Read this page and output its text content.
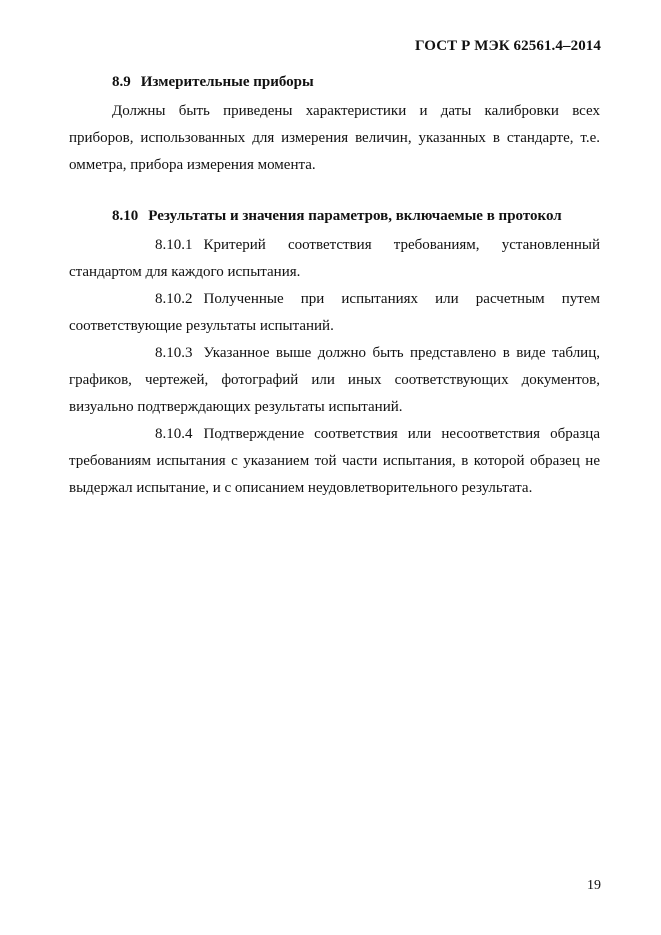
ГОСТ Р МЭК 62561.4–2014
8.9 Измерительные приборы
Должны быть приведены характеристики и даты калибровки всех приборов, использованных для измерения величин, указанных в стандарте, т.е. омметра, прибора измерения момента.
8.10 Результаты и значения параметров, включаемые в протокол
8.10.1 Критерий соответствия требованиям, установленный стандартом для каждого испытания.
8.10.2 Полученные при испытаниях или расчетным путем соответствующие результаты испытаний.
8.10.3 Указанное выше должно быть представлено в виде таблиц, графиков, чертежей, фотографий или иных соответствующих документов, визуально подтверждающих результаты испытаний.
8.10.4 Подтверждение соответствия или несоответствия образца требованиям испытания с указанием той части испытания, в которой образец не выдержал испытание, и с описанием неудовлетворительного результата.
19
